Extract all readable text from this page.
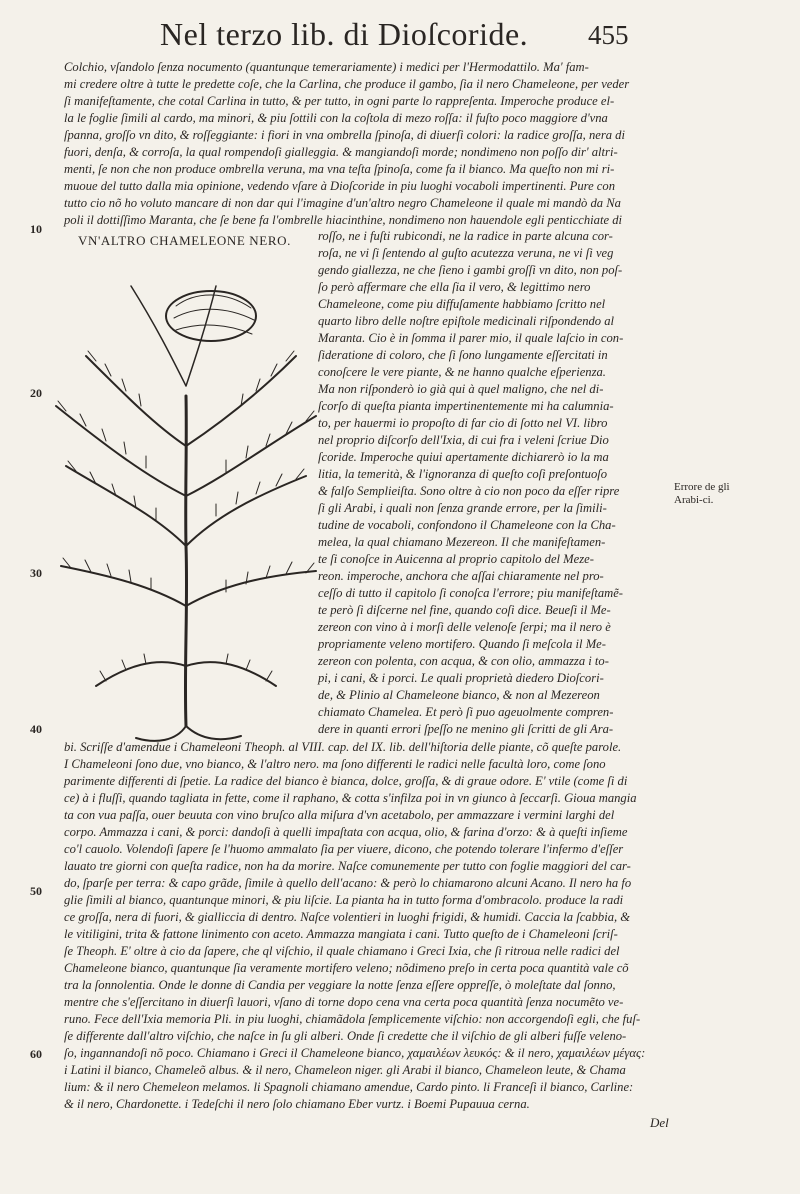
Nel terzo lib. di Dioſcoride. 455
10
20
30
40
50
60
Colchio, vſandolo ſenza nocumento (quantunque temerariamente) i medici per l'Hermodattilo. Ma' fam-
mi credere oltre à tutte le predette coſe, che la Carlina, che produce il gambo, ſia il nero Chameleone, per veder
ſi manifeſtamente, che cotal Carlina in tutto, & per tutto, in ogni parte lo rappreſenta. Imperoche produce el-
la le foglie ſimili al cardo, ma minori, & piu ſottili con la coſtola di mezo roſſa: il fuſto poco maggiore d'vna
ſpanna, groſſo vn dito, & roſſeggiante: i fiori in vna ombrella ſpinoſa, di diuerſi colori: la radice groſſa, nera di
fuori, denſa, & corroſa, la qual rompendoſi gialleggia. & mangiandoſi morde; nondimeno non poſſo dir' altri-
menti, ſe non che non produce ombrella veruna, ma vna teſta ſpinoſa, come fa il bianco. Ma queſto non mi ri-
muoue del tutto dalla mia opinione, vedendo vſare à Dioſcoride in piu luoghi vocaboli impertinenti. Pure con
tutto cio nõ ho voluto mancare di non dar qui l'imagine d'un'altro negro Chameleone il quale mi mandò da Na
poli il dottiſſimo Maranta, che ſe bene fa l'ombrelle hiacinthine, nondimeno non hauendole egli penticchiate di
VN'ALTRO CHAMELEONE NERO. roſſo, ne i fuſti rubicondi, ne la radice in parte alcuna cor-
roſa, ne vi ſi ſentendo al guſto acutezza veruna, ne vi ſi veg
gendo giallezza, ne che ſieno i gambi groſſi vn dito, non poſ-
ſo però affermare che ella ſia il vero, & legittimo nero
Chameleone, come piu diffuſamente habbiamo ſcritto nel
quarto libro delle noſtre epiſtole medicinali riſpondendo al
Maranta. Cio è in ſomma il parer mio, il quale laſcio in con-
ſideratione di coloro, che ſi ſono lungamente eſſercitati in
conoſcere le vere piante, & ne hanno qualche eſperienza.
Ma non riſponderò io già qui à quel maligno, che nel di-
ſcorſo di queſta pianta impertinentemente mi ha calumnia-
to, per hauermi io propoſto di far cio di ſotto nel VI. libro
nel proprio diſcorſo dell'Ixia, di cui fra i veleni ſcriue Dio
ſcoride. Imperoche quiui apertamente dichiarerò io la ma
litia, la temerità, & l'ignoranza di queſto coſi preſontuoſo
& falſo Semplieiſta. Sono oltre à cio non poco da eſſer ripre
ſi gli Arabi, i quali non ſenza grande errore, per la ſimili-
tudine de vocaboli, confondono il Chameleone con la Cha-
melea, la qual chiamano Mezereon. Il che manifeſtamen-
te ſi conoſce in Auicenna al proprio capitolo del Meze-
reon. imperoche, anchora che aſſai chiaramente nel pro-
ceſſo di tutto il capitolo ſi conoſca l'errore; piu manifeſtamẽ-
te però ſi diſcerne nel fine, quando coſi dice. Beueſi il Me-
zereon con vino à i morſi delle velenoſe ſerpi; ma il nero è
propriamente veleno mortifero. Quando ſi meſcola il Me-
zereon con polenta, con acqua, & con olio, ammazza i to-
pi, i cani, & i porci. Le quali proprietà diedero Dioſcori-
de, & Plinio al Chameleone bianco, & non al Mezereon
chiamato Chamelea. Et però ſi puo ageuolmente compren-
dere in quanti errori ſpeſſo ne menino gli ſcritti de gli Ara-
Errore de gli Arabi-ci.
bi. Scriſſe d'amendue i Chameleoni Theoph. al VIII. cap. del IX. lib. dell'hiſtoria delle piante, cõ queſte parole.
I Chameleoni ſono due, vno bianco, & l'altro nero. ma ſono differenti le radici nelle facultà loro, come ſono
parimente differenti di ſpetie. La radice del bianco è bianca, dolce, groſſa, & di graue odore. E' vtile (come ſi di
ce) à i fluſſi, quando tagliata in fette, come il raphano, & cotta s'infilza poi in vn giunco à ſeccarſi. Gioua mangia
ta con vua paſſa, ouer beuuta con vino bruſco alla miſura d'vn acetabolo, per ammazzare i vermini larghi del
corpo. Ammazza i cani, & porci: dandoſi à quelli impaſtata con acqua, olio, & farina d'orzo: & à queſti inſieme
co'l cauolo. Volendoſi ſapere ſe l'huomo ammalato ſia per viuere, dicono, che potendo tolerare l'infermo d'eſſer
lauato tre giorni con queſta radice, non ha da morire. Naſce comunemente per tutto con foglie maggiori del car-
do, ſparſe per terra: & capo grãde, ſimile à quello dell'acano: & però lo chiamarono alcuni Acano. Il nero ha fo
glie ſimili al bianco, quantunque minori, & piu liſcie. La pianta ha in tutto forma d'ombracolo. produce la radi
ce groſſa, nera di fuori, & gialliccia di dentro. Naſce volentieri in luoghi frigidi, & humidi. Caccia la ſcabbia, &
le vitiligini, trita & fattone linimento con aceto. Ammazza mangiata i cani. Tutto queſto de i Chameleoni ſcriſ-
ſe Theoph. E' oltre à cio da ſapere, che ql viſchio, il quale chiamano i Greci Ixia, che ſi ritroua nelle radici del
Chameleone bianco, quantunque ſia veramente mortifero veleno; nõdimeno preſo in certa poca quantità vale cõ
tra la ſonnolentia. Onde le donne di Candia per veggiare la notte ſenza eſſere oppreſſe, ò moleſtate dal ſonno,
mentre che s'eſſercitano in diuerſi lauori, vſano di torne dopo cena vna certa poca quantità ſenza nocumẽto ve-
runo. Fece dell'Ixia memoria Pli. in piu luoghi, chiamãdola ſemplicemente viſchio: non accorgendoſi egli, che fuſ-
ſe differente dall'altro viſchio, che naſce in ſu gli alberi. Onde ſi credette che il viſchio de gli alberi fuſſe veleno-
ſo, ingannandoſi nõ poco. Chiamano i Greci il Chameleone bianco, χαμαιλέων λευκός: & il nero, χαμαιλέων μέγας:
i Latini il bianco, Chameleõ albus. & il nero, Chameleon niger. gli Arabi il bianco, Chameleon leute, & Chama
lium: & il nero Chemeleon melamos. li Spagnoli chiamano amendue, Cardo pinto. li Franceſi il bianco, Carline:
& il nero, Chardonette. i Tedeſchi il nero ſolo chiamano Eber vurtz. i Boemi Pupauua cerna.
Del
